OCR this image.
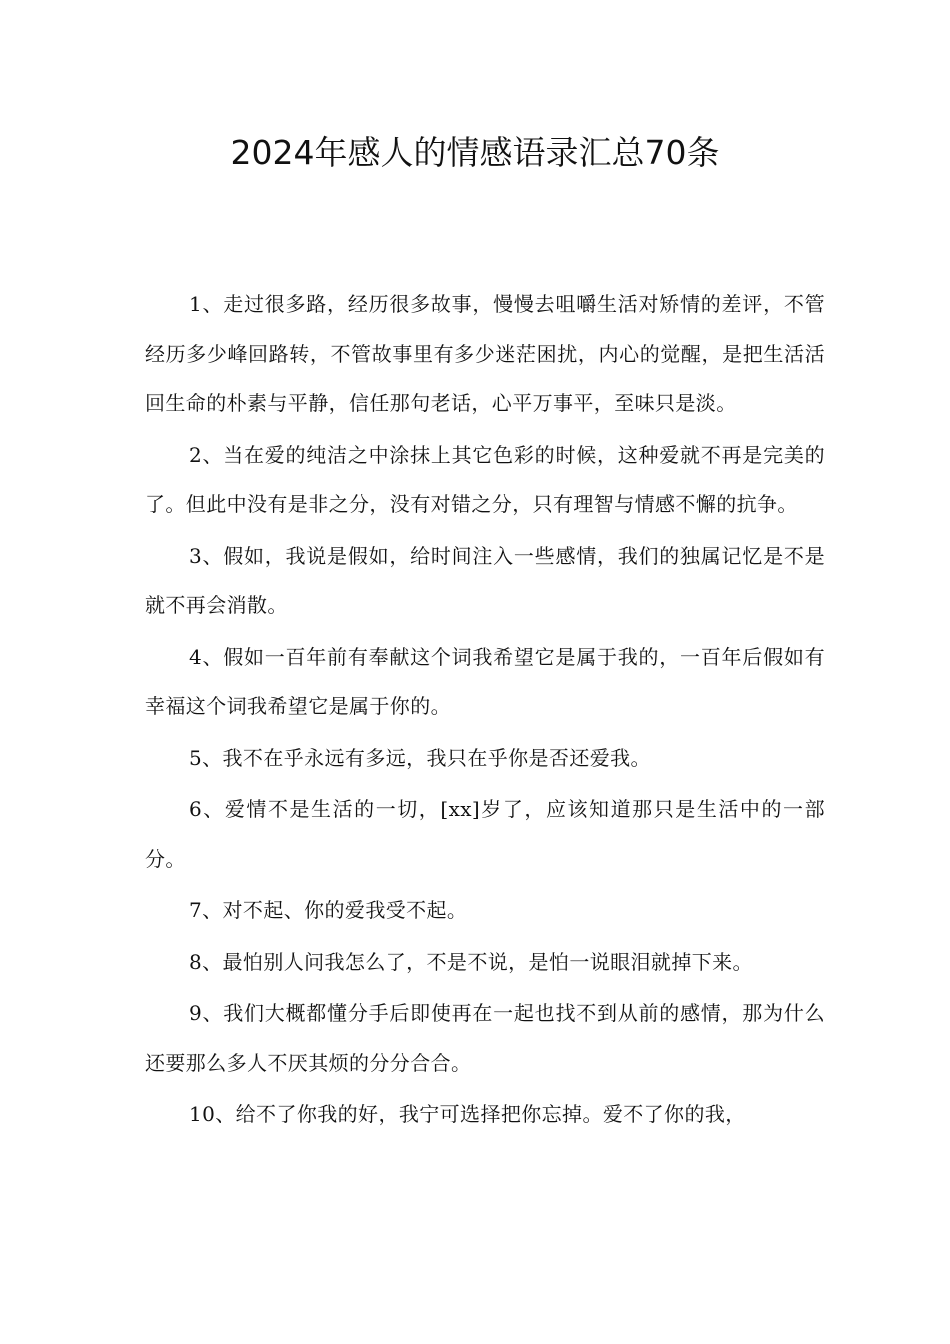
2024年感人的情感语录汇总70条

1、走过很多路，经历很多故事，慢慢去咀嚼生活对矫情的差评，不管经历多少峰回路转，不管故事里有多少迷茫困扰，内心的觉醒，是把生活活回生命的朴素与平静，信任那句老话，心平万事平，至味只是淡。

2、当在爱的纯洁之中涂抹上其它色彩的时候，这种爱就不再是完美的了。但此中没有是非之分，没有对错之分，只有理智与情感不懈的抗争。

3、假如，我说是假如，给时间注入一些感情，我们的独属记忆是不是就不再会消散。

4、假如一百年前有奉献这个词我希望它是属于我的，一百年后假如有幸福这个词我希望它是属于你的。

5、我不在乎永远有多远，我只在乎你是否还爱我。

6、爱情不是生活的一切，[xx]岁了，应该知道那只是生活中的一部分。

7、对不起、你的爱我受不起。

8、最怕别人问我怎么了，不是不说，是怕一说眼泪就掉下来。

9、我们大概都懂分手后即使再在一起也找不到从前的感情，那为什么还要那么多人不厌其烦的分分合合。

10、给不了你我的好，我宁可选择把你忘掉。爱不了你的我，
